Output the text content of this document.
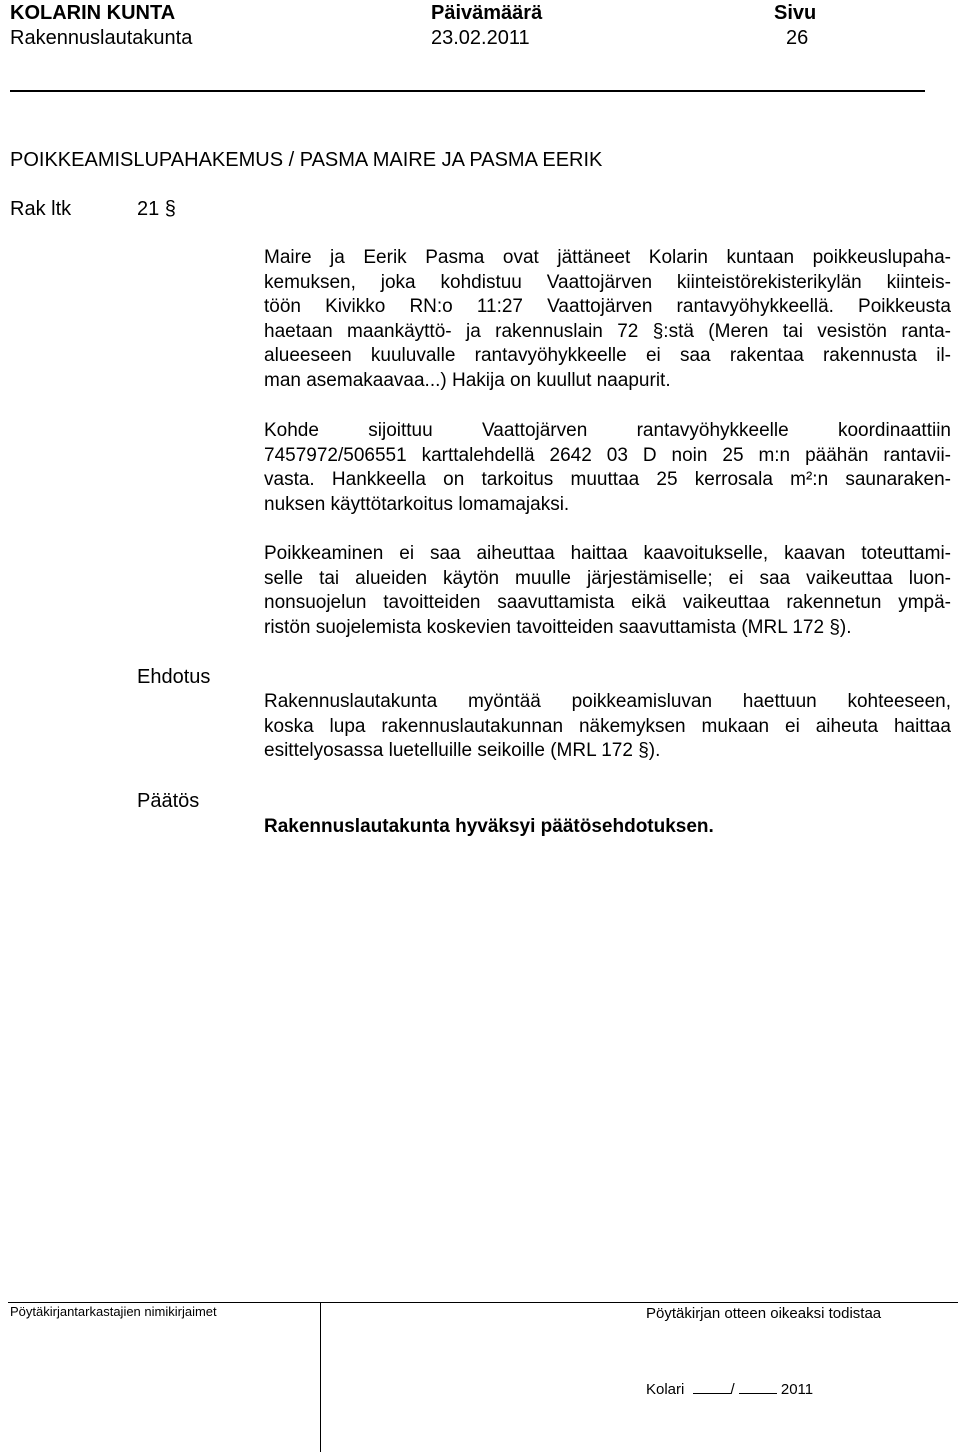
KOLARIN KUNTA
Rakennuslautakunta
Päivämäärä
23.02.2011
Sivu
26
POIKKEAMISLUPAHAKEMUS / PASMA MAIRE JA PASMA EERIK
Rak ltk	21 §
Maire ja Eerik Pasma ovat jättäneet Kolarin kuntaan poikkeuslupaha-
kemuksen, joka kohdistuu Vaattojärven kiinteistörekisterikylän kiinteis-
töön Kivikko RN:o 11:27 Vaattojärven rantavyöhykkeellä. Poikkeusta
haetaan maankäyttö- ja rakennuslain 72 §:stä (Meren tai vesistön ranta-
alueeseen kuuluvalle rantavyöhykkeelle ei saa rakentaa rakennusta il-
man asemakaavaa...) Hakija on kuullut naapurit.
Kohde sijoittuu Vaattojärven rantavyöhykkeelle koordinaattiin
7457972/506551 karttalehdellä 2642 03 D noin 25 m:n päähän rantavii-
vasta. Hankkeella on tarkoitus muuttaa 25 kerrosala m²:n saunaraken-
nuksen käyttötarkoitus lomamajaksi.
Poikkeaminen ei saa aiheuttaa haittaa kaavoitukselle, kaavan toteuttami-
selle tai alueiden käytön muulle järjestämiselle; ei saa vaikeuttaa luon-
nonsuojelun tavoitteiden saavuttamista eikä vaikeuttaa rakennetun ympä-
ristön suojelemista koskevien tavoitteiden saavuttamista (MRL 172 §).
Ehdotus
Rakennuslautakunta myöntää poikkeamisluvan haettuun kohteeseen,
koska lupa rakennuslautakunnan näkemyksen mukaan ei aiheuta haittaa
esittelyosassa luetelluille seikoille (MRL 172 §).
Päätös
Rakennuslautakunta hyväksyi päätösehdotuksen.
Pöytäkirjantarkastajien nimikirjaimet	Pöytäkirjan otteen oikeaksi todistaa
Kolari	/	2011
